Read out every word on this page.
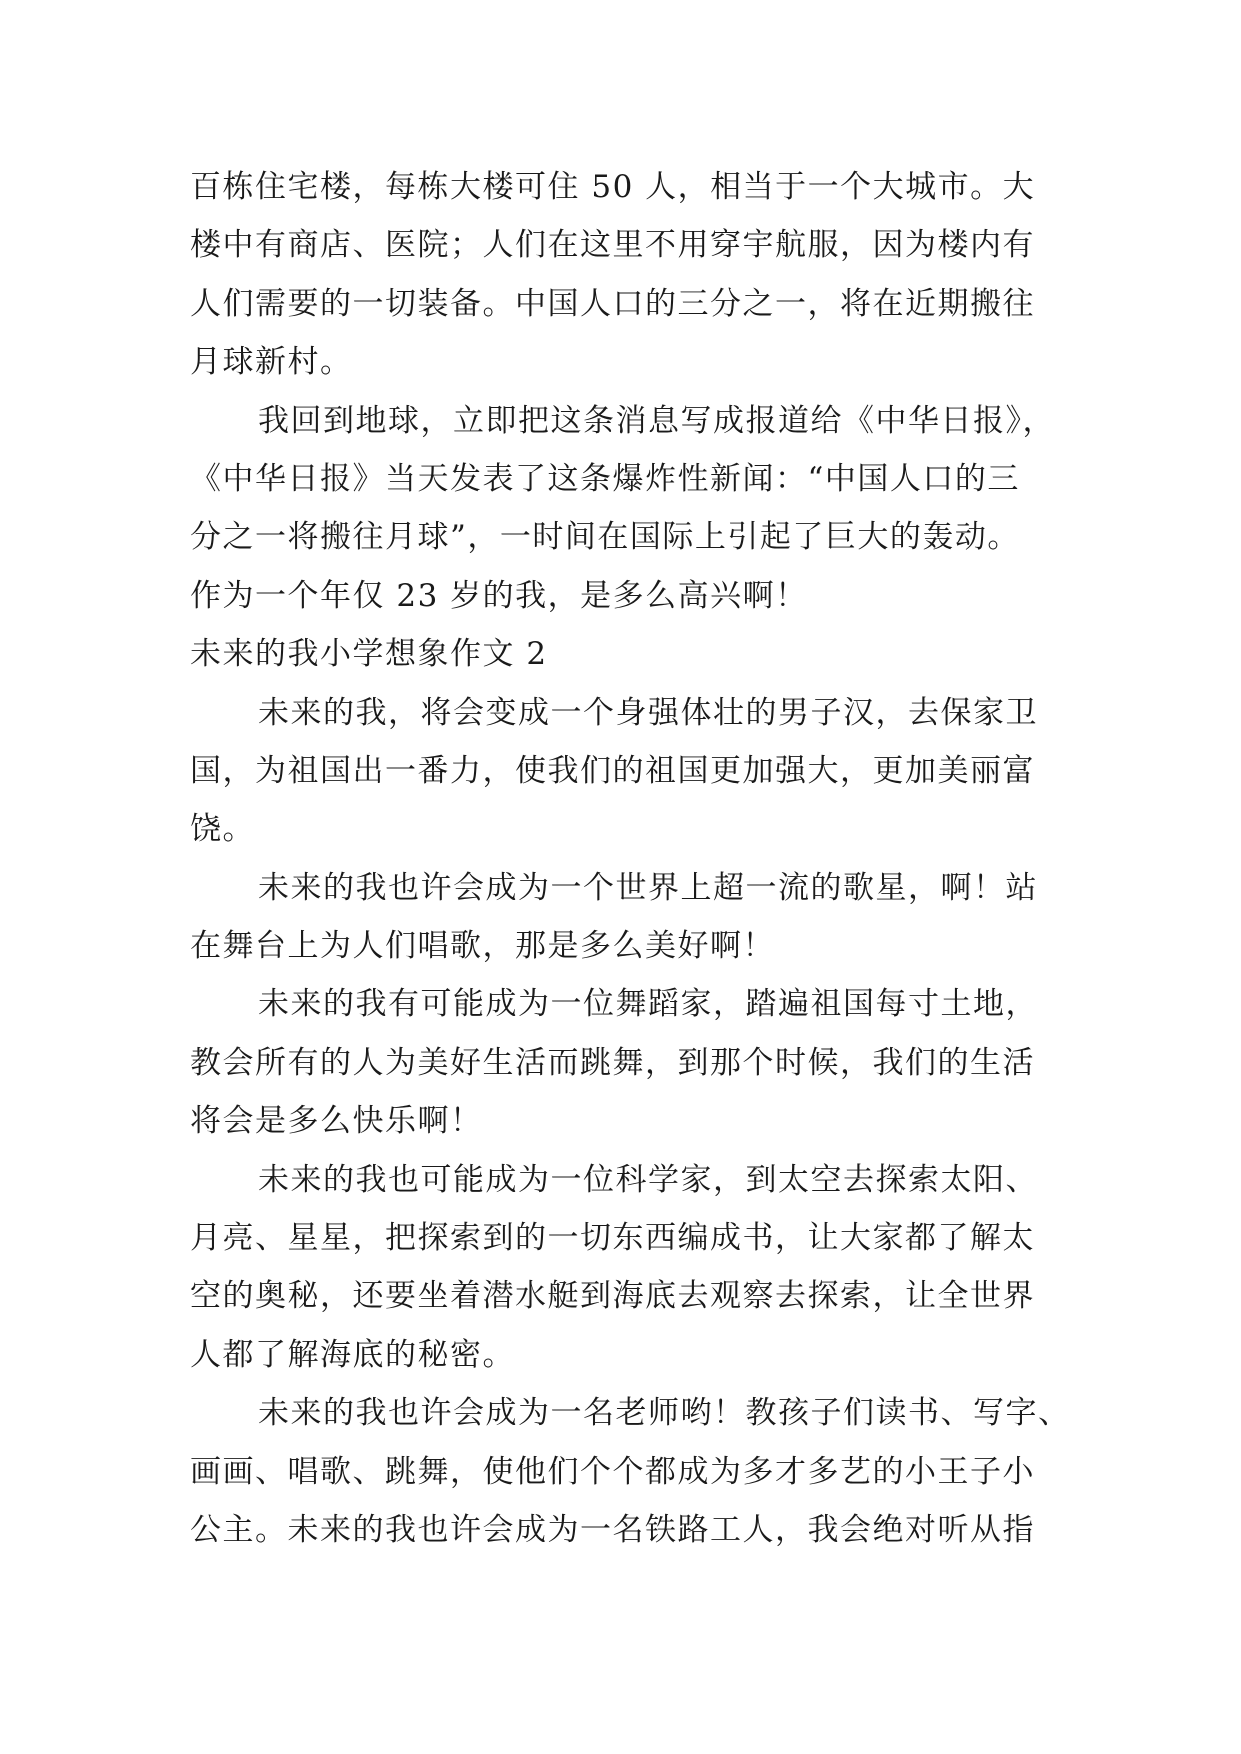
百栋住宅楼，每栋大楼可住 50 人，相当于一个大城市。大
楼中有商店、医院；人们在这里不用穿宇航服，因为楼内有
人们需要的一切装备。中国人口的三分之一，将在近期搬往
月球新村。
我回到地球，立即把这条消息写成报道给《中华日报》，
《中华日报》当天发表了这条爆炸性新闻：“中国人口的三
分之一将搬往月球”，一时间在国际上引起了巨大的轰动。
作为一个年仅 23 岁的我，是多么高兴啊！
未来的我小学想象作文 2
未来的我，将会变成一个身强体壮的男子汉，去保家卫
国，为祖国出一番力，使我们的祖国更加强大，更加美丽富
饶。
未来的我也许会成为一个世界上超一流的歌星，啊！站
在舞台上为人们唱歌，那是多么美好啊！
未来的我有可能成为一位舞蹈家，踏遍祖国每寸土地，
教会所有的人为美好生活而跳舞，到那个时候，我们的生活
将会是多么快乐啊！
未来的我也可能成为一位科学家，到太空去探索太阳、
月亮、星星，把探索到的一切东西编成书，让大家都了解太
空的奥秘，还要坐着潜水艇到海底去观察去探索，让全世界
人都了解海底的秘密。
未来的我也许会成为一名老师哟！教孩子们读书、写字、
画画、唱歌、跳舞，使他们个个都成为多才多艺的小王子小
公主。未来的我也许会成为一名铁路工人，我会绝对听从指
